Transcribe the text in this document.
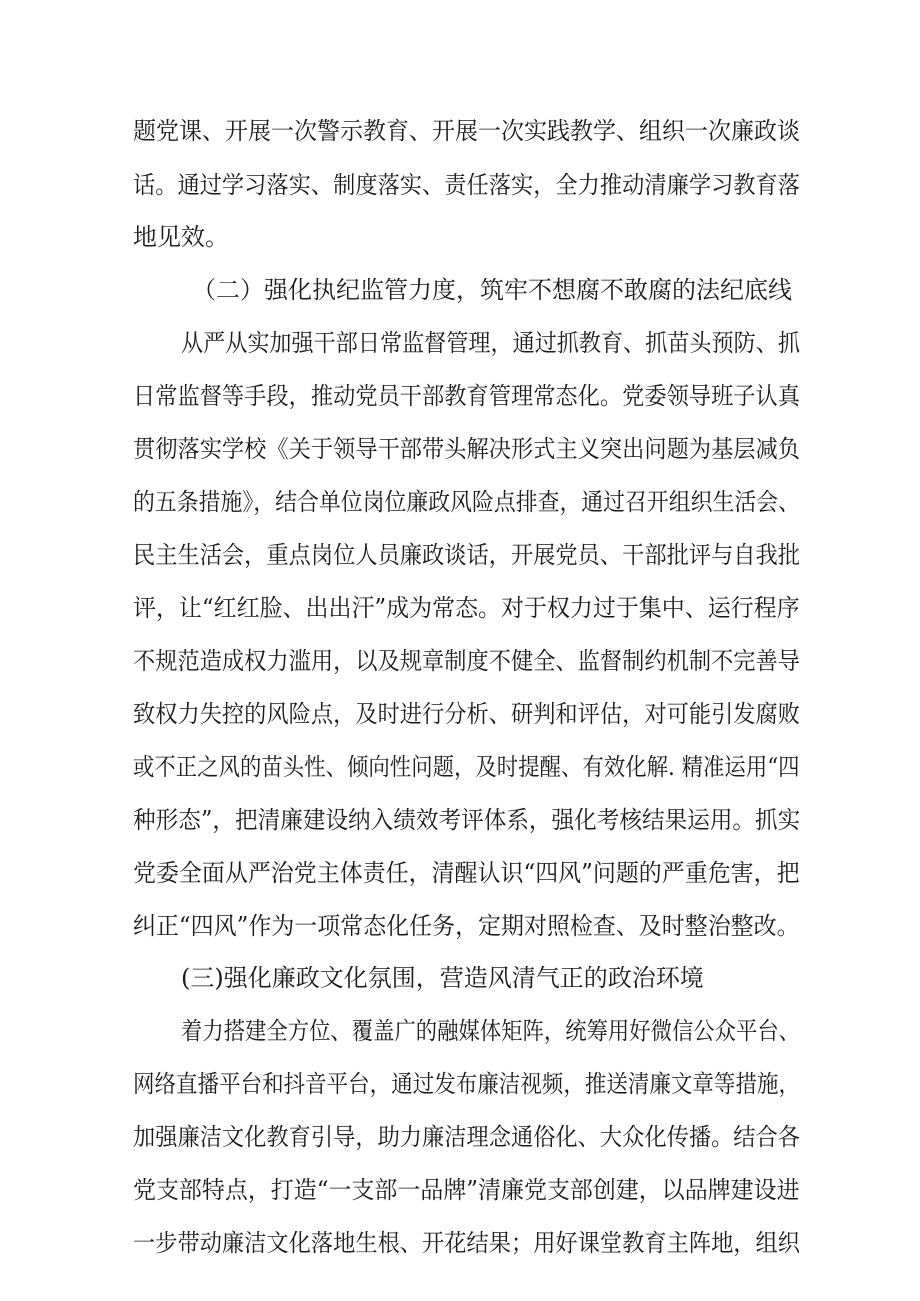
题党课、开展一次警示教育、开展一次实践教学、组织一次廉政谈
话。通过学习落实、制度落实、责任落实，全力推动清廉学习教育落
地见效。
（二）强化执纪监管力度，筑牢不想腐不敢腐的法纪底线
从严从实加强干部日常监督管理，通过抓教育、抓苗头预防、抓
日常监督等手段，推动党员干部教育管理常态化。党委领导班子认真
贯彻落实学校《关于领导干部带头解决形式主义突出问题为基层减负
的五条措施》，结合单位岗位廉政风险点排查，通过召开组织生活会、
民主生活会，重点岗位人员廉政谈话，开展党员、干部批评与自我批
评，让“红红脸、出出汗”成为常态。对于权力过于集中、运行程序
不规范造成权力滥用，以及规章制度不健全、监督制约机制不完善导
致权力失控的风险点，及时进行分析、研判和评估，对可能引发腐败
或不正之风的苗头性、倾向性问题，及时提醒、有效化解. 精准运用“四
种形态”，把清廉建设纳入绩效考评体系，强化考核结果运用。抓实
党委全面从严治党主体责任，清醒认识“四风”问题的严重危害，把
纠正“四风”作为一项常态化任务，定期对照检查、及时整治整改。
(三)强化廉政文化氛围，营造风清气正的政治环境
着力搭建全方位、覆盖广的融媒体矩阵，统筹用好微信公众平台、
网络直播平台和抖音平台，通过发布廉洁视频，推送清廉文章等措施，
加强廉洁文化教育引导，助力廉洁理念通俗化、大众化传播。结合各
党支部特点，打造“一支部一品牌”清廉党支部创建，以品牌建设进
一步带动廉洁文化落地生根、开花结果；用好课堂教育主阵地，组织
